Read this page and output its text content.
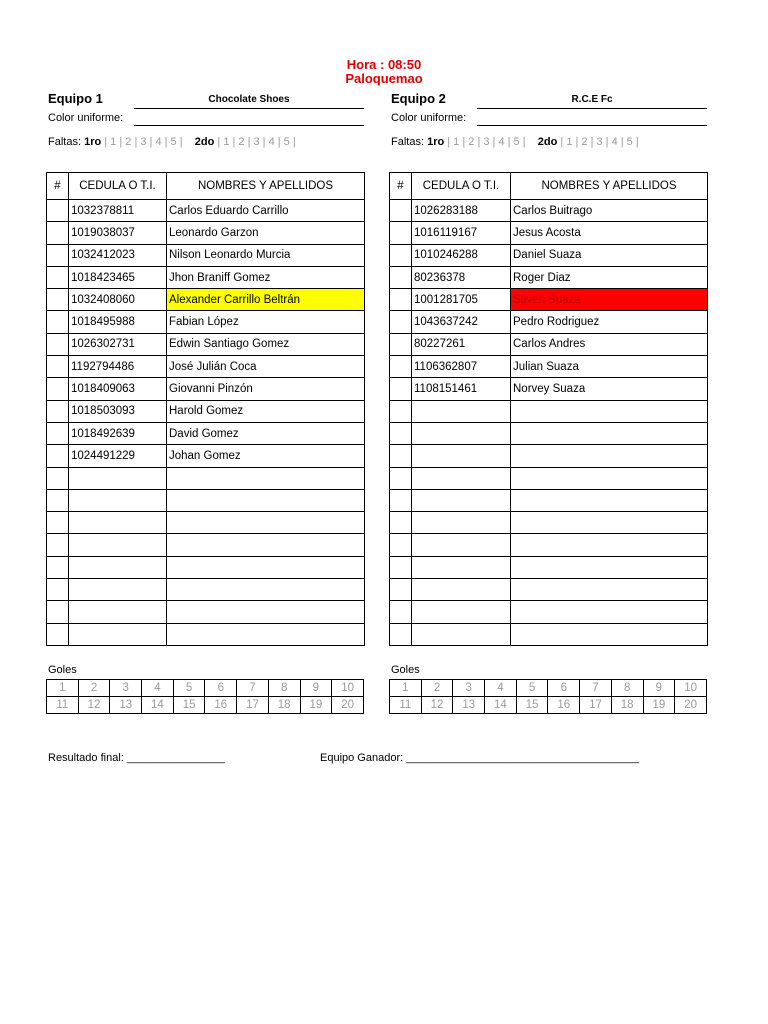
Hora : 08:50
Paloquemao
Equipo 1	Chocolate Shoes
Color uniforme:
Faltas: 1ro | 1 | 2 | 3 | 4 | 5 | 2do | 1 | 2 | 3 | 4 | 5 |
Equipo 2	R.C.E Fc
Color uniforme:
Faltas: 1ro | 1 | 2 | 3 | 4 | 5 | 2do | 1 | 2 | 3 | 4 | 5 |
#	CEDULA O T.I.	NOMBRES Y APELLIDOS
	1032378811	Carlos Eduardo Carrillo
	1019038037	Leonardo Garzon
	1032412023	Nilson Leonardo Murcia
	1018423465	Jhon Braniff Gomez
	1032408060	Alexander Carrillo Beltrán
	1018495988	Fabian López
	1026302731	Edwin Santiago Gomez
	1192794486	José Julián Coca
	1018409063	Giovanni Pinzón
	1018503093	Harold Gomez
	1018492639	David Gomez
	1024491229	Johan Gomez

#	CEDULA O T.I.	NOMBRES Y APELLIDOS
	1026283188	Carlos Buitrago
	1016119167	Jesus Acosta
	1010246288	Daniel Suaza
	80236378	Roger Diaz
	1001281705	Stiven Suaza
	1043637242	Pedro Rodriguez
	80227261	Carlos Andres
	1106362807	Julian Suaza
	1108151461	Norvey Suaza

Goles
1	2	3	4	5	6	7	8	9	10
11	12	13	14	15	16	17	18	19	20
Goles
1	2	3	4	5	6	7	8	9	10
11	12	13	14	15	16	17	18	19	20
Resultado final: ________________	Equipo Ganador: ______________________________________
